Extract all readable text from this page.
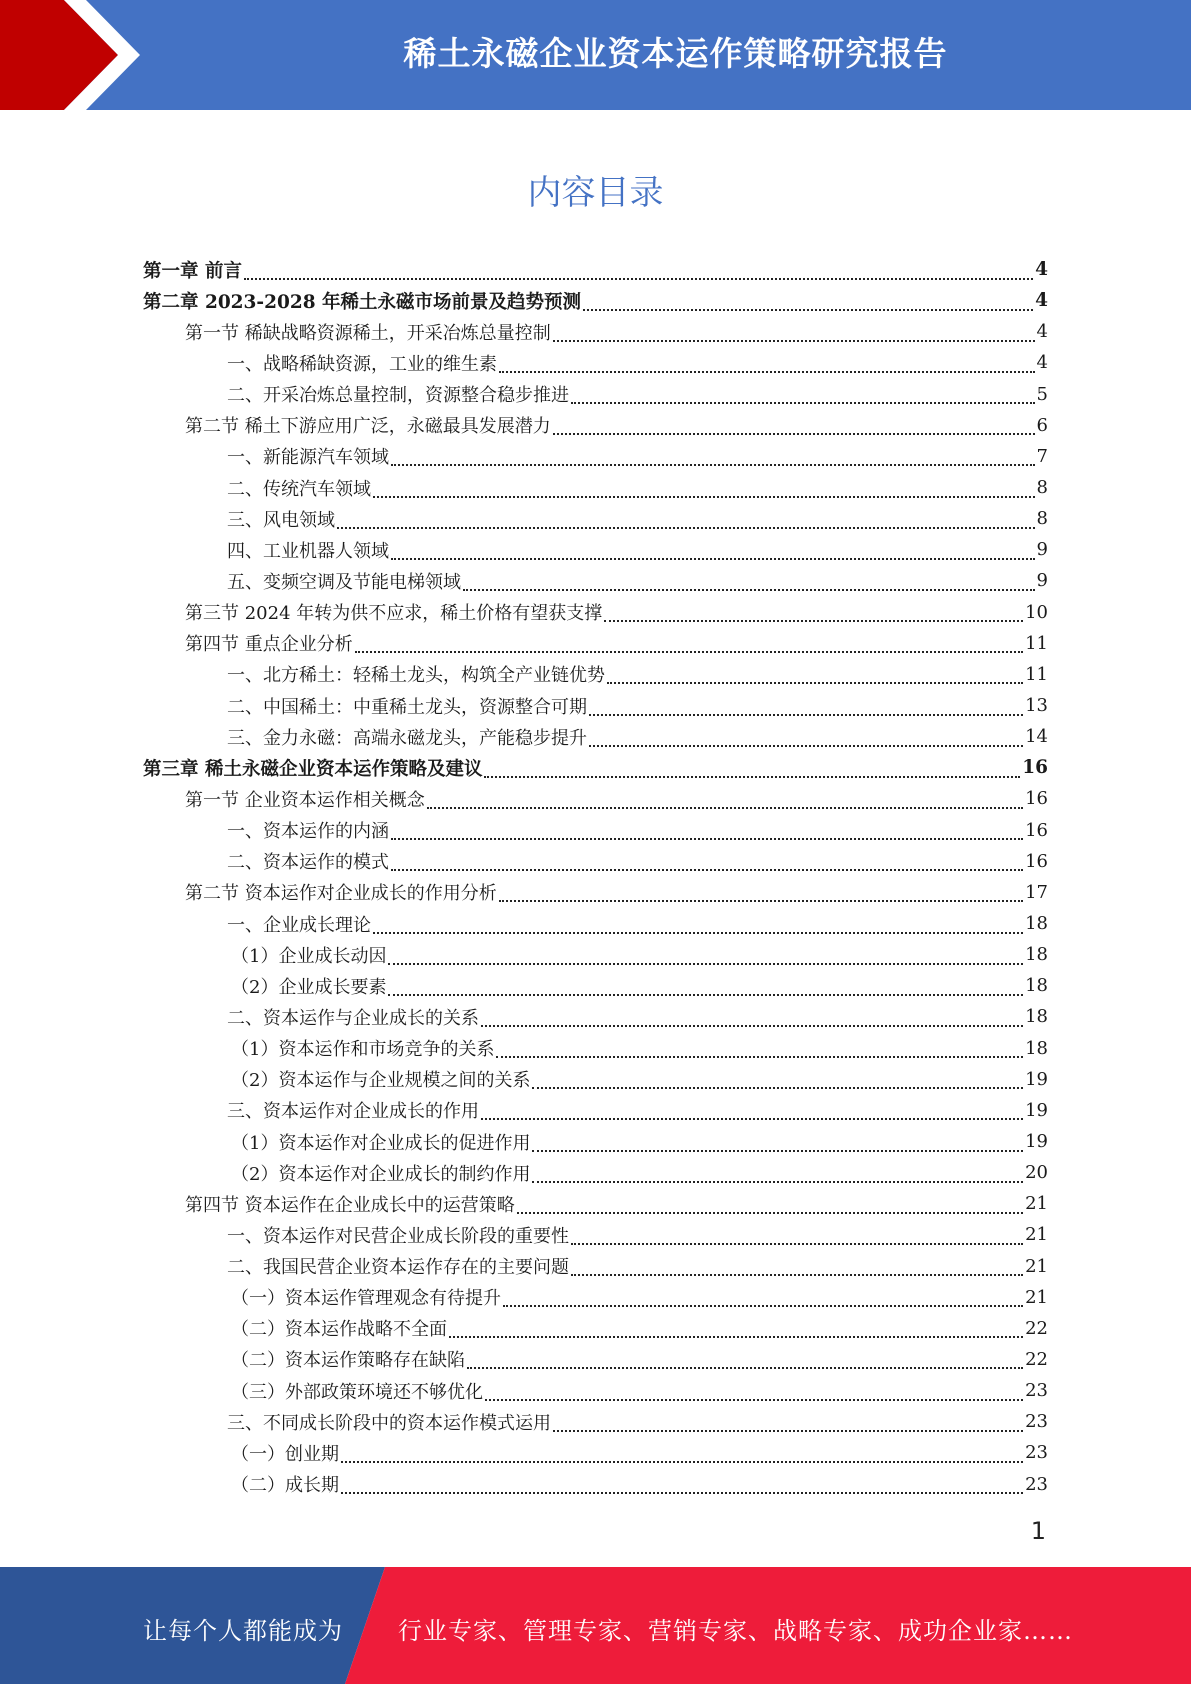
稀土永磁企业资本运作策略研究报告
内容目录
第一章 前言	4
第二章 2023-2028 年稀土永磁市场前景及趋势预测	4
第一节 稀缺战略资源稀土，开采冶炼总量控制	4
一、战略稀缺资源，工业的维生素	4
二、开采冶炼总量控制，资源整合稳步推进	5
第二节 稀土下游应用广泛，永磁最具发展潜力	6
一、新能源汽车领域	7
二、传统汽车领域	8
三、风电领域	8
四、工业机器人领域	9
五、变频空调及节能电梯领域	9
第三节 2024 年转为供不应求，稀土价格有望获支撑	10
第四节 重点企业分析	11
一、北方稀土：轻稀土龙头，构筑全产业链优势	11
二、中国稀土：中重稀土龙头，资源整合可期	13
三、金力永磁：高端永磁龙头，产能稳步提升	14
第三章 稀土永磁企业资本运作策略及建议	16
第一节 企业资本运作相关概念	16
一、资本运作的内涵	16
二、资本运作的模式	16
第二节 资本运作对企业成长的作用分析	17
一、企业成长理论	18
（1）企业成长动因	18
（2）企业成长要素	18
二、资本运作与企业成长的关系	18
（1）资本运作和市场竞争的关系	18
（2）资本运作与企业规模之间的关系	19
三、资本运作对企业成长的作用	19
（1）资本运作对企业成长的促进作用	19
（2）资本运作对企业成长的制约作用	20
第四节 资本运作在企业成长中的运营策略	21
一、资本运作对民营企业成长阶段的重要性	21
二、我国民营企业资本运作存在的主要问题	21
（一）资本运作管理观念有待提升	21
（二）资本运作战略不全面	22
（二）资本运作策略存在缺陷	22
（三）外部政策环境还不够优化	23
三、不同成长阶段中的资本运作模式运用	23
（一）创业期	23
（二）成长期	23
1
让每个人都能成为 行业专家、管理专家、营销专家、战略专家、成功企业家……
